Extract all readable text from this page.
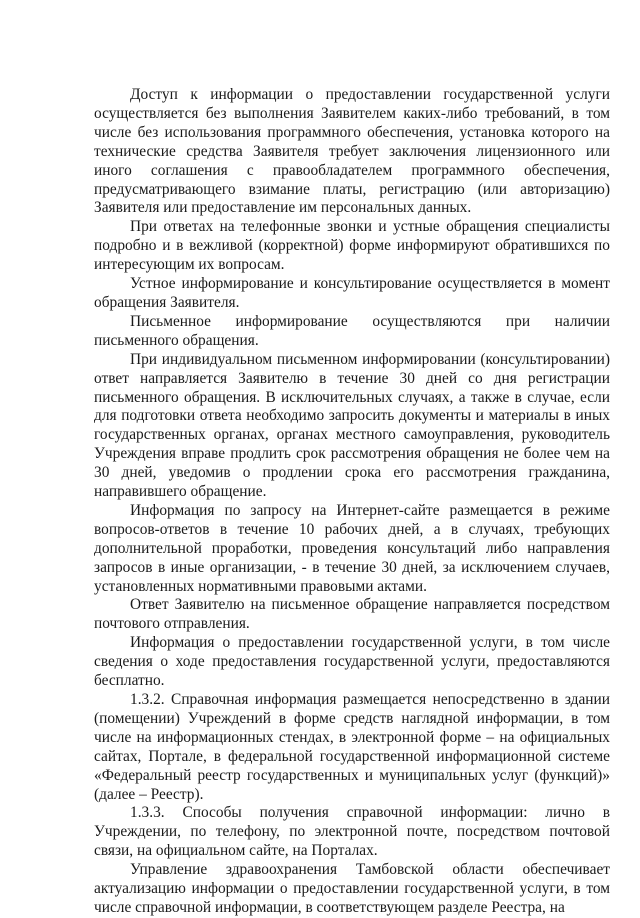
Доступ к информации о предоставлении государственной услуги осуществляется без выполнения Заявителем каких-либо требований, в том числе без использования программного обеспечения, установка которого на технические средства Заявителя требует заключения лицензионного или иного соглашения с правообладателем программного обеспечения, предусматривающего взимание платы, регистрацию (или авторизацию) Заявителя или предоставление им персональных данных.

При ответах на телефонные звонки и устные обращения специалисты подробно и в вежливой (корректной) форме информируют обратившихся по интересующим их вопросам.

Устное информирование и консультирование осуществляется в момент обращения Заявителя.

Письменное информирование осуществляются при наличии письменного обращения.

При индивидуальном письменном информировании (консультировании) ответ направляется Заявителю в течение 30 дней со дня регистрации письменного обращения. В исключительных случаях, а также в случае, если для подготовки ответа необходимо запросить документы и материалы в иных государственных органах, органах местного самоуправления, руководитель Учреждения вправе продлить срок рассмотрения обращения не более чем на 30 дней, уведомив о продлении срока его рассмотрения гражданина, направившего обращение.

Информация по запросу на Интернет-сайте размещается в режиме вопросов-ответов в течение 10 рабочих дней, а в случаях, требующих дополнительной проработки, проведения консультаций либо направления запросов в иные организации, - в течение 30 дней, за исключением случаев, установленных нормативными правовыми актами.

Ответ Заявителю на письменное обращение направляется посредством почтового отправления.

Информация о предоставлении государственной услуги, в том числе сведения о ходе предоставления государственной услуги, предоставляются бесплатно.

1.3.2. Справочная информация размещается непосредственно в здании (помещении) Учреждений в форме средств наглядной информации, в том числе на информационных стендах, в электронной форме – на официальных сайтах, Портале, в федеральной государственной информационной системе «Федеральный реестр государственных и муниципальных услуг (функций)» (далее – Реестр).

1.3.3. Способы получения справочной информации: лично в Учреждении, по телефону, по электронной почте, посредством почтовой связи, на официальном сайте, на Порталах.

Управление здравоохранения Тамбовской области обеспечивает актуализацию информации о предоставлении государственной услуги, в том числе справочной информации, в соответствующем разделе Реестра, на
